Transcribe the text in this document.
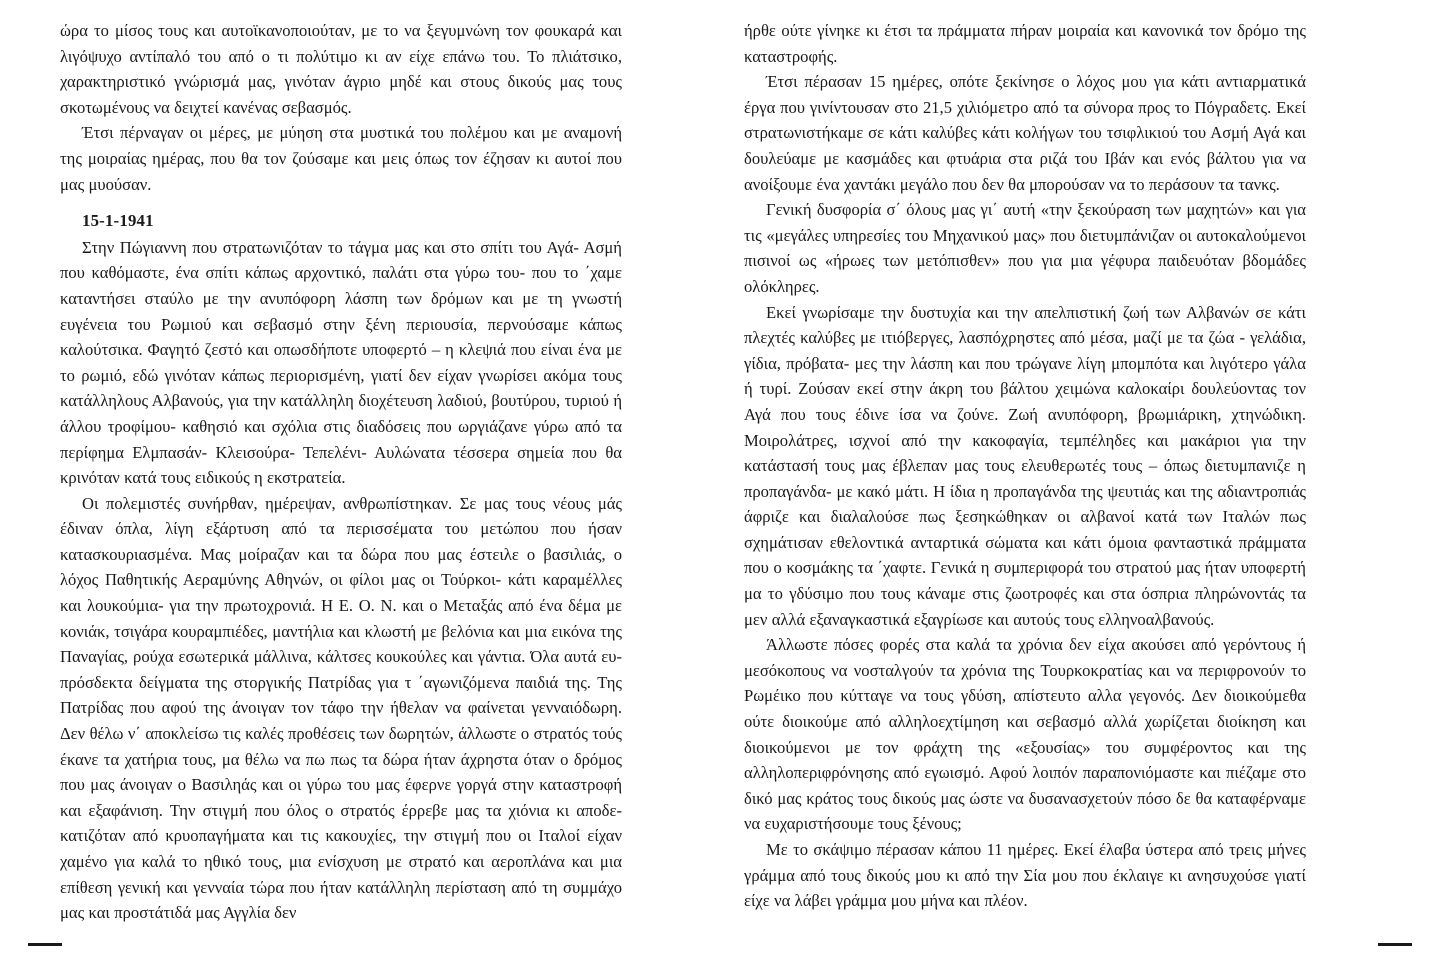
ώρα το μίσος τους και αυτοϊκανοποιούταν, με το να ξεγυμνώνη τον φουκαρά και λιγόψυχο αντίπαλό του από ο τι πολύτιμο κι αν είχε επάνω του. Το πλιάτσικο, χαρακτηριστικό γνώρισμά μας, γινόταν άγριο μηδέ και στους δικούς μας τους σκοτωμένους να δειχτεί κανένας σεβασμός.

Έτσι πέρναγαν οι μέρες, με μύηση στα μυστικά του πολέμου και με αναμονή της μοιραίας ημέρας, που θα τον ζούσαμε και μεις όπως τον έζησαν κι αυτοί που μας μυούσαν.

15-1-1941

Στην Πώγιαννη που στρατωνιζόταν το τάγμα μας και στο σπίτι του Αγά- Ασμή που καθόμαστε, ένα σπίτι κάπως αρχοντικό, παλάτι στα γύρω του- που το ΄χαμε καταντήσει σταύλο με την ανυπόφορη λάσπη των δρόμων και με τη γνωστή ευγένεια του Ρωμιού και σεβασμό στην ξένη περιουσία, περνούσαμε κάπως καλούτσικα. Φαγητό ζεστό και οπωσδήποτε υποφερτό – η κλεψιά που είναι ένα με το ρωμιό, εδώ γινόταν κάπως περιορισμένη, γιατί δεν είχαν γνωρίσει ακόμα τους κατάλληλους Αλβανούς, για την κατάλληλη διοχέτευση λαδιού, βουτύρου, τυριού ή άλλου τροφίμου- καθησιό και σχόλια στις διαδόσεις που ωργιάζανε γύρω από τα περίφημα Ελμπασάν- Κλεισούρα- Τεπελένι- Αυλώνατα τέσσερα σημεία που θα κρινόταν κατά τους ειδικούς η εκστρατεία.

Οι πολεμιστές συνήρθαν, ημέρεψαν, ανθρωπίστηκαν. Σε μας τους νέους μάς έδιναν όπλα, λίγη εξάρτυση από τα περισσέματα του μετώπου που ήσαν κατασκουριασμένα. Μας μοίραζαν και τα δώρα που μας έστειλε ο βασιλιάς, ο λόχος Παθητικής Αεραμύνης Αθηνών, οι φίλοι μας οι Τούρκοι- κάτι καραμέλλες και λουκούμια- για την πρωτοχρονιά. Η Ε. Ο. Ν. και ο Μεταξάς από ένα δέμα με κονιάκ, τσιγάρα κουραμπιέδες, μαντήλια και κλωστή με βελόνια και μια εικόνα της Παναγίας, ρούχα εσωτερικά μάλλινα, κάλτσες κουκούλες και γάντια. Όλα αυτά ευπρόσδεκτα δείγματα της στοργικής Πατρίδας για τ ΄αγωνιζόμενα παιδιά της. Της Πατρίδας που αφού της άνοιγαν τον τάφο την ήθελαν να φαίνεται γενναιόδωρη. Δεν θέλω ν΄ αποκλείσω τις καλές προθέσεις των δωρητών, άλλωστε ο στρατός τούς έκανε τα χατήρια τους, μα θέλω να πω πως τα δώρα ήταν άχρηστα όταν ο δρόμος που μας άνοιγαν ο Βασιληάς και οι γύρω του μας έφερνε γοργά στην καταστροφή και εξαφάνιση. Την στιγμή που όλος ο στρατός έρρεβε μας τα χιόνια κι αποδεκατιζόταν από κρυοπαγήματα και τις κακουχίες, την στιγμή που οι Ιταλοί είχαν χαμένο για καλά το ηθικό τους, μια ενίσχυση με στρατό και αεροπλάνα και μια επίθεση γενική και γενναία τώρα που ήταν κατάλληλη περίσταση από τη συμμάχο μας και προστάτιδά μας Αγγλία δεν

ήρθε ούτε γίνηκε κι έτσι τα πράμματα πήραν μοιραία και κανονικά τον δρόμο της καταστροφής.

Έτσι πέρασαν 15 ημέρες, οπότε ξεκίνησε ο λόχος μου για κάτι αντιαρματικά έργα που γινίντουσαν στο 21,5 χιλιόμετρο από τα σύνορα προς το Πόγραδετς. Εκεί στρατωνιστήκαμε σε κάτι καλύβες κάτι κολήγων του τσιφλικιού του Ασμή Αγά και δουλεύαμε με κασμάδες και φτυάρια στα ριζά του Ιβάν και ενός βάλτου για να ανοίξουμε ένα χαντάκι μεγάλο που δεν θα μπορούσαν να το περάσουν τα τανκς.

Γενική δυσφορία σ΄ όλους μας γι΄ αυτή «την ξεκούραση των μαχητών» και για τις «μεγάλες υπηρεσίες του Μηχανικού μας» που διετυμπάνιζαν οι αυτοκαλούμενοι πισινοί ως «ήρωες των μετόπισθεν» που για μια γέφυρα παιδευόταν βδομάδες ολόκληρες.

Εκεί γνωρίσαμε την δυστυχία και την απελπιστική ζωή των Αλβανών σε κάτι πλεχτές καλύβες με ιτιόβεργες, λασπόχρηστες από μέσα, μαζί με τα ζώα - γελάδια, γίδια, πρόβατα- μες την λάσπη και που τρώγανε λίγη μπομπότα και λιγότερο γάλα ή τυρί. Ζούσαν εκεί στην άκρη του βάλτου χειμώνα καλοκαίρι δουλεύοντας τον Αγά που τους έδινε ίσα να ζούνε. Ζωή ανυπόφορη, βρωμιάρικη, χτηνώδικη. Μοιρολάτρες, ισχνοί από την κακοφαγία, τεμπέληδες και μακάριοι για την κατάστασή τους μας έβλεπαν μας τους ελευθερωτές τους – όπως διετυμπανιζε η προπαγάνδα- με κακό μάτι. Η ίδια η προπαγάνδα της ψευτιάς και της αδιαντροπιάς άφριζε και διαλαλούσε πως ξεσηκώθηκαν οι αλβανοί κατά των Ιταλών πως σχημάτισαν εθελοντικά ανταρτικά σώματα και κάτι όμοια φανταστικά πράμματα που ο κοσμάκης τα ΄χαφτε. Γενικά η συμπεριφορά του στρατού μας ήταν υποφερτή μα το γδύσιμο που τους κάναμε στις ζωοτροφές και στα όσπρια πληρώνοντάς τα μεν αλλά εξαναγκαστικά εξαγρίωσε και αυτούς τους ελληνοαλβανούς.

Άλλωστε πόσες φορές στα καλά τα χρόνια δεν είχα ακούσει από γερόντους ή μεσόκοπους να νοσταλγούν τα χρόνια της Τουρκοκρατίας και να περιφρονούν το Ρωμέικο που κύτταγε να τους γδύση, απίστευτο αλλα γεγονός. Δεν διοικούμεθα ούτε διοικούμε από αλληλοεχτίμηση και σεβασμό αλλά χωρίζεται διοίκηση και διοικούμενοι με τον φράχτη της «εξουσίας» του συμφέροντος και της αλληλοπεριφρόνησης από εγωισμό. Αφού λοιπόν παραπονιόμαστε και πιέζαμε στο δικό μας κράτος τους δικούς μας ώστε να δυσανασχετούν πόσο δε θα καταφέρναμε να ευχαριστήσουμε τους ξένους;

Με το σκάψιμο πέρασαν κάπου 11 ημέρες. Εκεί έλαβα ύστερα από τρεις μήνες γράμμα από τους δικούς μου κι από την Σία μου που έκλαιγε κι ανησυχούσε γιατί είχε να λάβει γράμμα μου μήνα και πλέον.
